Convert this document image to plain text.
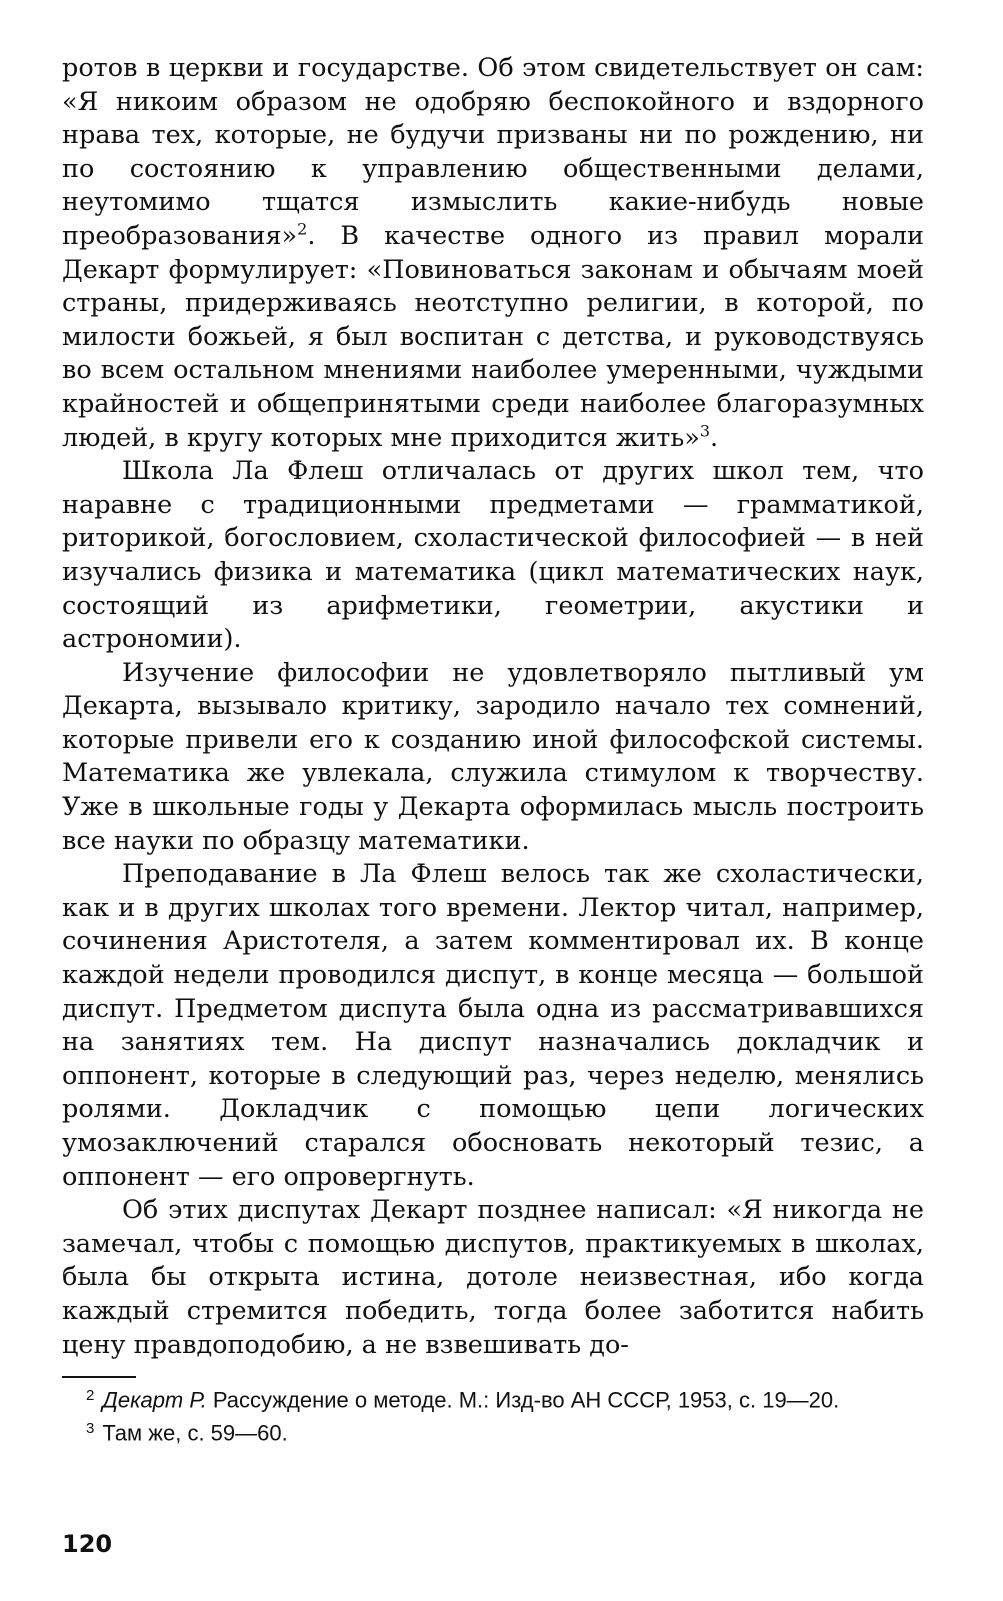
ротов в церкви и государстве. Об этом свидетельствует он сам: «Я никоим образом не одобряю беспокойного и вздорного нрава тех, которые, не будучи призваны ни по рождению, ни по состоянию к управлению общественными делами, неутомимо тщатся измыслить какие-нибудь новые преобразования»$^2$. В качестве одного из правил морали Декарт формулирует: «Повиноваться законам и обычаям моей страны, придерживаясь неотступно религии, в которой, по милости божьей, я был воспитан с детства, и руководствуясь во всем остальном мнениями наиболее умеренными, чуждыми крайностей и общепринятыми среди наиболее благоразумных людей, в кругу которых мне приходится жить»$^3$.

Школа Ла Флеш отличалась от других школ тем, что наравне с традиционными предметами — грамматикой, риторикой, богословием, схоластической философией — в ней изучались физика и математика (цикл математических наук, состоящий из арифметики, геометрии, акустики и астрономии).

Изучение философии не удовлетворяло пытливый ум Декарта, вызывало критику, зародило начало тех сомнений, которые привели его к созданию иной философской системы. Математика же увлекала, служила стимулом к творчеству. Уже в школьные годы у Декарта оформилась мысль построить все науки по образцу математики.

Преподавание в Ла Флеш велось так же схоластически, как и в других школах того времени. Лектор читал, например, сочинения Аристотеля, а затем комментировал их. В конце каждой недели проводился диспут, в конце месяца — большой диспут. Предметом диспута была одна из рассматривавшихся на занятиях тем. На диспут назначались докладчик и оппонент, которые в следующий раз, через неделю, менялись ролями. Докладчик с помощью цепи логических умозаключений старался обосновать некоторый тезис, а оппонент — его опровергнуть.

Об этих диспутах Декарт позднее написал: «Я никогда не замечал, чтобы с помощью диспутов, практикуемых в школах, была бы открыта истина, дотоле неизвестная, ибо когда каждый стремится победить, тогда более заботится набить цену правдоподобию, а не взвешивать до-

$^2$ Декарт Р. Рассуждение о методе. М.: Изд-во АН СССР, 1953, с. 19—20.

$^3$ Там же, с. 59—60.

120
